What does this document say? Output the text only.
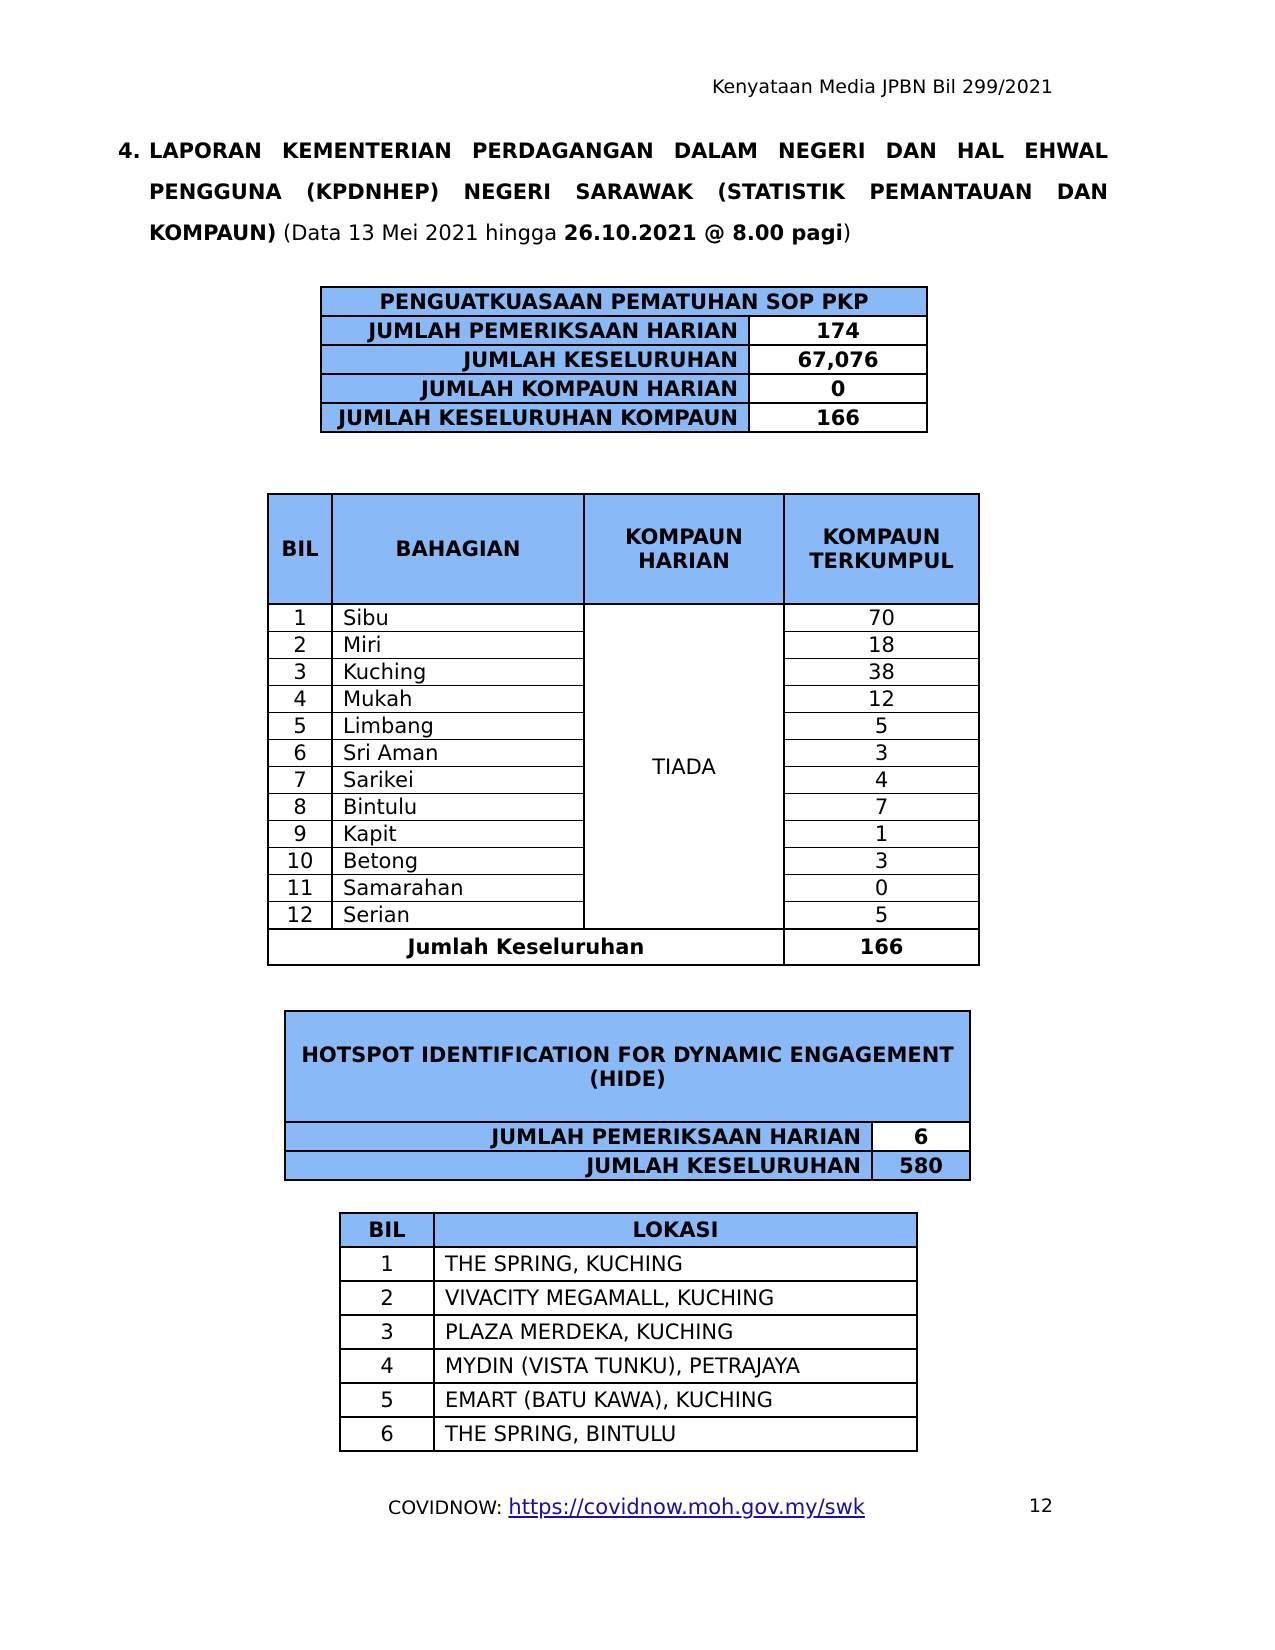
Kenyataan Media JPBN Bil 299/2021
4. LAPORAN KEMENTERIAN PERDAGANGAN DALAM NEGERI DAN HAL EHWAL PENGGUNA (KPDNHEP) NEGERI SARAWAK (STATISTIK PEMANTAUAN DAN KOMPAUN) (Data 13 Mei 2021 hingga 26.10.2021 @ 8.00 pagi)
PENGUATKUASAAN PEMATUHAN SOP PKP	
JUMLAH PEMERIKSAAN HARIAN	174
JUMLAH KESELURUHAN	67,076
JUMLAH KOMPAUN HARIAN	0
JUMLAH KESELURUHAN KOMPAUN	166
BIL	BAHAGIAN	KOMPAUN HARIAN	KOMPAUN TERKUMPUL
1	Sibu	TIADA	70
2	Miri		18
3	Kuching		38
4	Mukah		12
5	Limbang		5
6	Sri Aman		3
7	Sarikei		4
8	Bintulu		7
9	Kapit		1
10	Betong		3
11	Samarahan		0
12	Serian		5
Jumlah Keseluruhan			166
HOTSPOT IDENTIFICATION FOR DYNAMIC ENGAGEMENT (HIDE)	
JUMLAH PEMERIKSAAN HARIAN	6
JUMLAH KESELURUHAN	580
BIL	LOKASI
1	THE SPRING, KUCHING
2	VIVACITY MEGAMALL, KUCHING
3	PLAZA MERDEKA, KUCHING
4	MYDIN (VISTA TUNKU), PETRAJAYA
5	EMART (BATU KAWA), KUCHING
6	THE SPRING, BINTULU
COVIDNOW: https://covidnow.moh.gov.my/swk	12
